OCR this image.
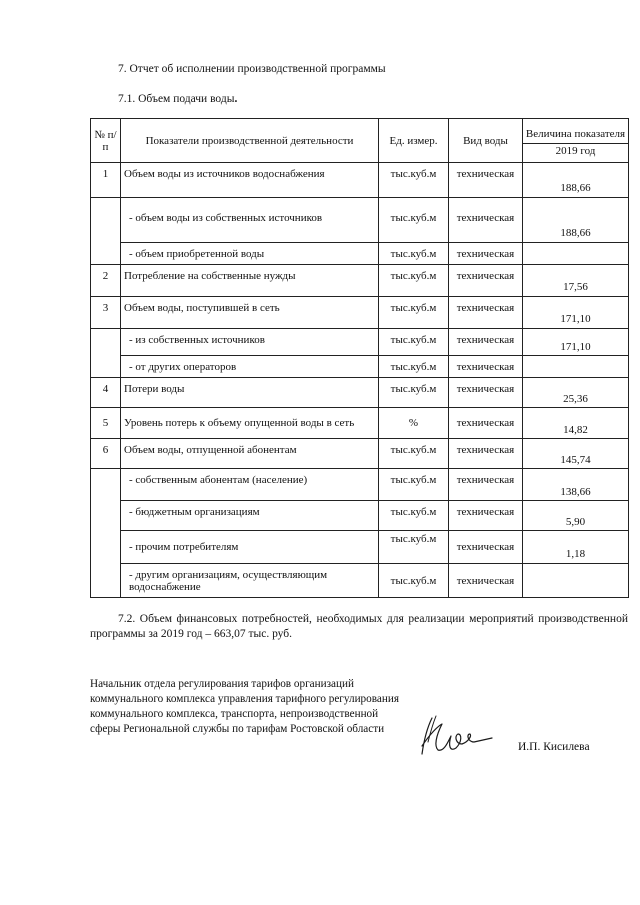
7. Отчет об исполнении производственной программы
7.1. Объем подачи воды.
№ п/п	Показатели производственной деятельности	Ед. измер.	Вид воды	Величина показателя
2019 год

1	Объем воды из источников водоснабжения	тыс.куб.м	техническая	188,66
	- объем воды из собственных источников	тыс.куб.м	техническая	188,66
	- объем приобретенной воды	тыс.куб.м	техническая	
2	Потребление на собственные нужды	тыс.куб.м	техническая	17,56
3	Объем воды, поступившей в сеть	тыс.куб.м	техническая	171,10
	- из собственных источников	тыс.куб.м	техническая	171,10
	- от других операторов	тыс.куб.м	техническая	
4	Потери воды	тыс.куб.м	техническая	25,36
5	Уровень потерь к объему опущенной воды в сеть	%	техническая	14,82
6	Объем воды, отпущенной абонентам	тыс.куб.м	техническая	145,74
	- собственным абонентам (население)	тыс.куб.м	техническая	138,66
	- бюджетным организациям	тыс.куб.м	техническая	5,90
	- прочим потребителям	тыс.куб.м	техническая	1,18
	- другим организациям, осуществляющим водоснабжение	тыс.куб.м	техническая	
7.2. Объем финансовых потребностей, необходимых для реализации мероприятий производственной программы за 2019 год – 663,07 тыс. руб.
Начальник отдела регулирования тарифов организаций коммунального комплекса управления тарифного регулирования коммунального комплекса, транспорта, непроизводственной сферы Региональной службы по тарифам Ростовской области
И.П. Кисилева
